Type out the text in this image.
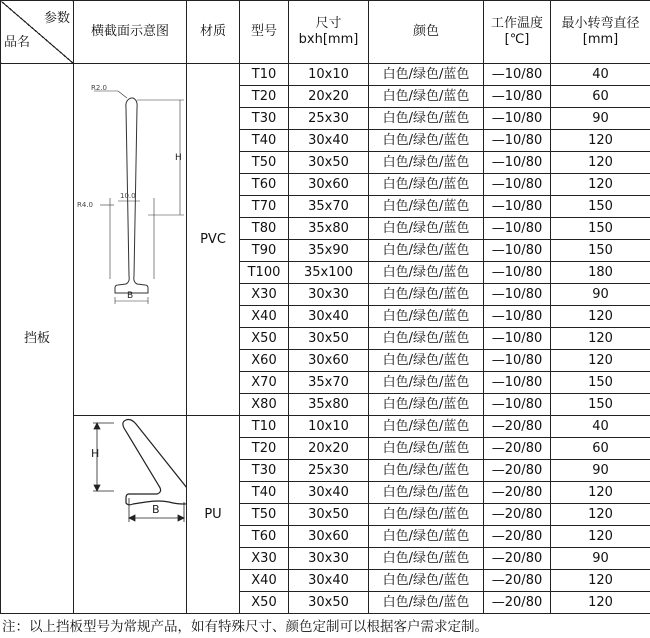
参数
品名	横截面示意图	材质	型号	尺寸
bxh[mm]	颜色	工作温度
[℃]	最小转弯直径
[mm]

挡板	R2.0
R4.0
10.0
H
B	PVC	T10	10x10	白色/绿色/蓝色	—10/80	40
			T20	20x20	白色/绿色/蓝色	—10/80	60
			T30	25x30	白色/绿色/蓝色	—10/80	90
			T40	30x40	白色/绿色/蓝色	—10/80	120
			T50	30x50	白色/绿色/蓝色	—10/80	120
			T60	30x60	白色/绿色/蓝色	—10/80	120
			T70	35x70	白色/绿色/蓝色	—10/80	150
			T80	35x80	白色/绿色/蓝色	—10/80	150
			T90	35x90	白色/绿色/蓝色	—10/80	150
			T100	35x100	白色/绿色/蓝色	—10/80	180
			X30	30x30	白色/绿色/蓝色	—10/80	90
			X40	30x40	白色/绿色/蓝色	—10/80	120
			X50	30x50	白色/绿色/蓝色	—10/80	120
			X60	30x60	白色/绿色/蓝色	—10/80	120
			X70	35x70	白色/绿色/蓝色	—10/80	150
			X80	35x80	白色/绿色/蓝色	—10/80	150

H
B	PU	T10	10x10	白色/绿色/蓝色	—20/80	40
			T20	20x20	白色/绿色/蓝色	—20/80	60
			T30	25x30	白色/绿色/蓝色	—20/80	90
			T40	30x40	白色/绿色/蓝色	—20/80	120
			T50	30x50	白色/绿色/蓝色	—20/80	120
			T60	30x60	白色/绿色/蓝色	—20/80	120
			X30	30x30	白色/绿色/蓝色	—20/80	90
			X40	30x40	白色/绿色/蓝色	—20/80	120
			X50	30x50	白色/绿色/蓝色	—20/80	120
注：以上挡板型号为常规产品，如有特殊尺寸、颜色定制可以根据客户需求定制。
